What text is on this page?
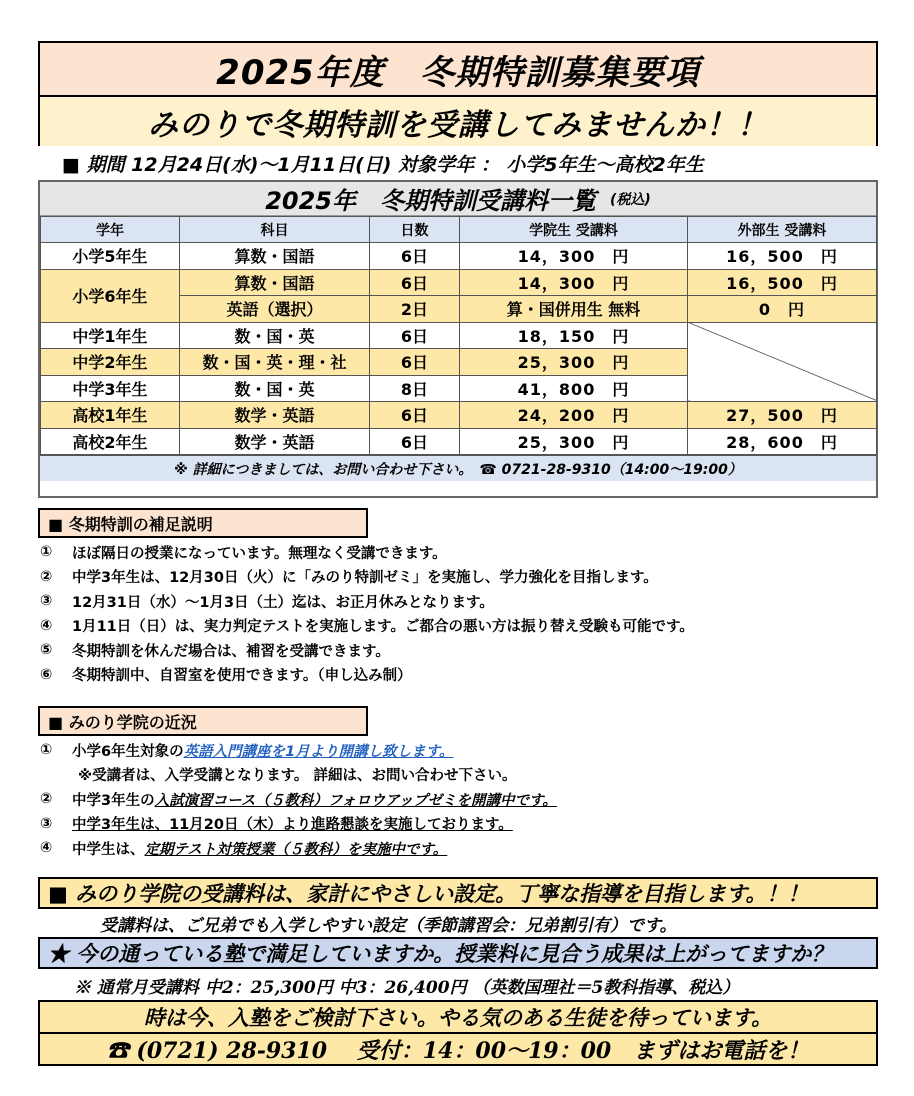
2025年度　冬期特訓募集要項
みのりで冬期特訓を受講してみませんか！！
■ 期間 12月24日(水)～1月11日(日) 対象学年 ： 小学5年生～高校2年生
2025年　冬期特訓受講料一覧 (税込)
学年	科目	日数	学院生 受講料	外部生 受講料
小学5年生	算数・国語	6日	14，300　円	16，500　円
小学6年生	算数・国語	6日	14，300　円	16，500　円
	英語（選択）	2日	算・国併用生 無料	0　円
中学1年生	数・国・英	6日	18，150　円	
中学2年生	数・国・英・理・社	6日	25，300　円	
中学3年生	数・国・英	8日	41，800　円	
高校1年生	数学・英語	6日	24，200　円	27，500　円
高校2年生	数学・英語	6日	25，300　円	28，600　円
※ 詳細につきましては、お問い合わせ下さい。　☎ 0721-28-9310（14:00～19:00）
■ 冬期特訓の補足説明
①	ほぼ隔日の授業になっています。無理なく受講できます。
②	中学3年生は、12月30日（火）に「みのり特訓ゼミ」を実施し、学力強化を目指します。
③	12月31日（水）～1月3日（土）迄は、お正月休みとなります。
④	1月11日（日）は、実力判定テストを実施します。ご都合の悪い方は振り替え受験も可能です。
⑤	冬期特訓を休んだ場合は、補習を受講できます。
⑥	冬期特訓中、自習室を使用できます。（申し込み制）
■ みのり学院の近況
①	小学6年生対象の 英語入門講座を1月より開講し致します。
※受講者は、入学受講となります。 詳細は、お問い合わせ下さい。
②	中学3年生の 入試演習コース（５教科）フォロウアップゼミを開講中です。
③	中学3年生は、11月20日（木）より進路懇談を実施しております。
④	中学生は、 定期テスト対策授業（５教科）を実施中です。
■ みのり学院の受講料は、家計にやさしい設定。丁寧な指導を目指します。！！
受講料は、ご兄弟でも入学しやすい設定（季節講習会：兄弟割引有）です。
★ 今の通っている塾で満足していますか。授業料に見合う成果は上がってますか？
※ 通常月受講料 中2：25,300円 中3：26,400円 （英数国理社＝5教科指導、税込）
時は今、入塾をご検討下さい。やる気のある生徒を待っています。
☎ (0721) 28-9310　 受付：14：00～19：00　まずはお電話を！
